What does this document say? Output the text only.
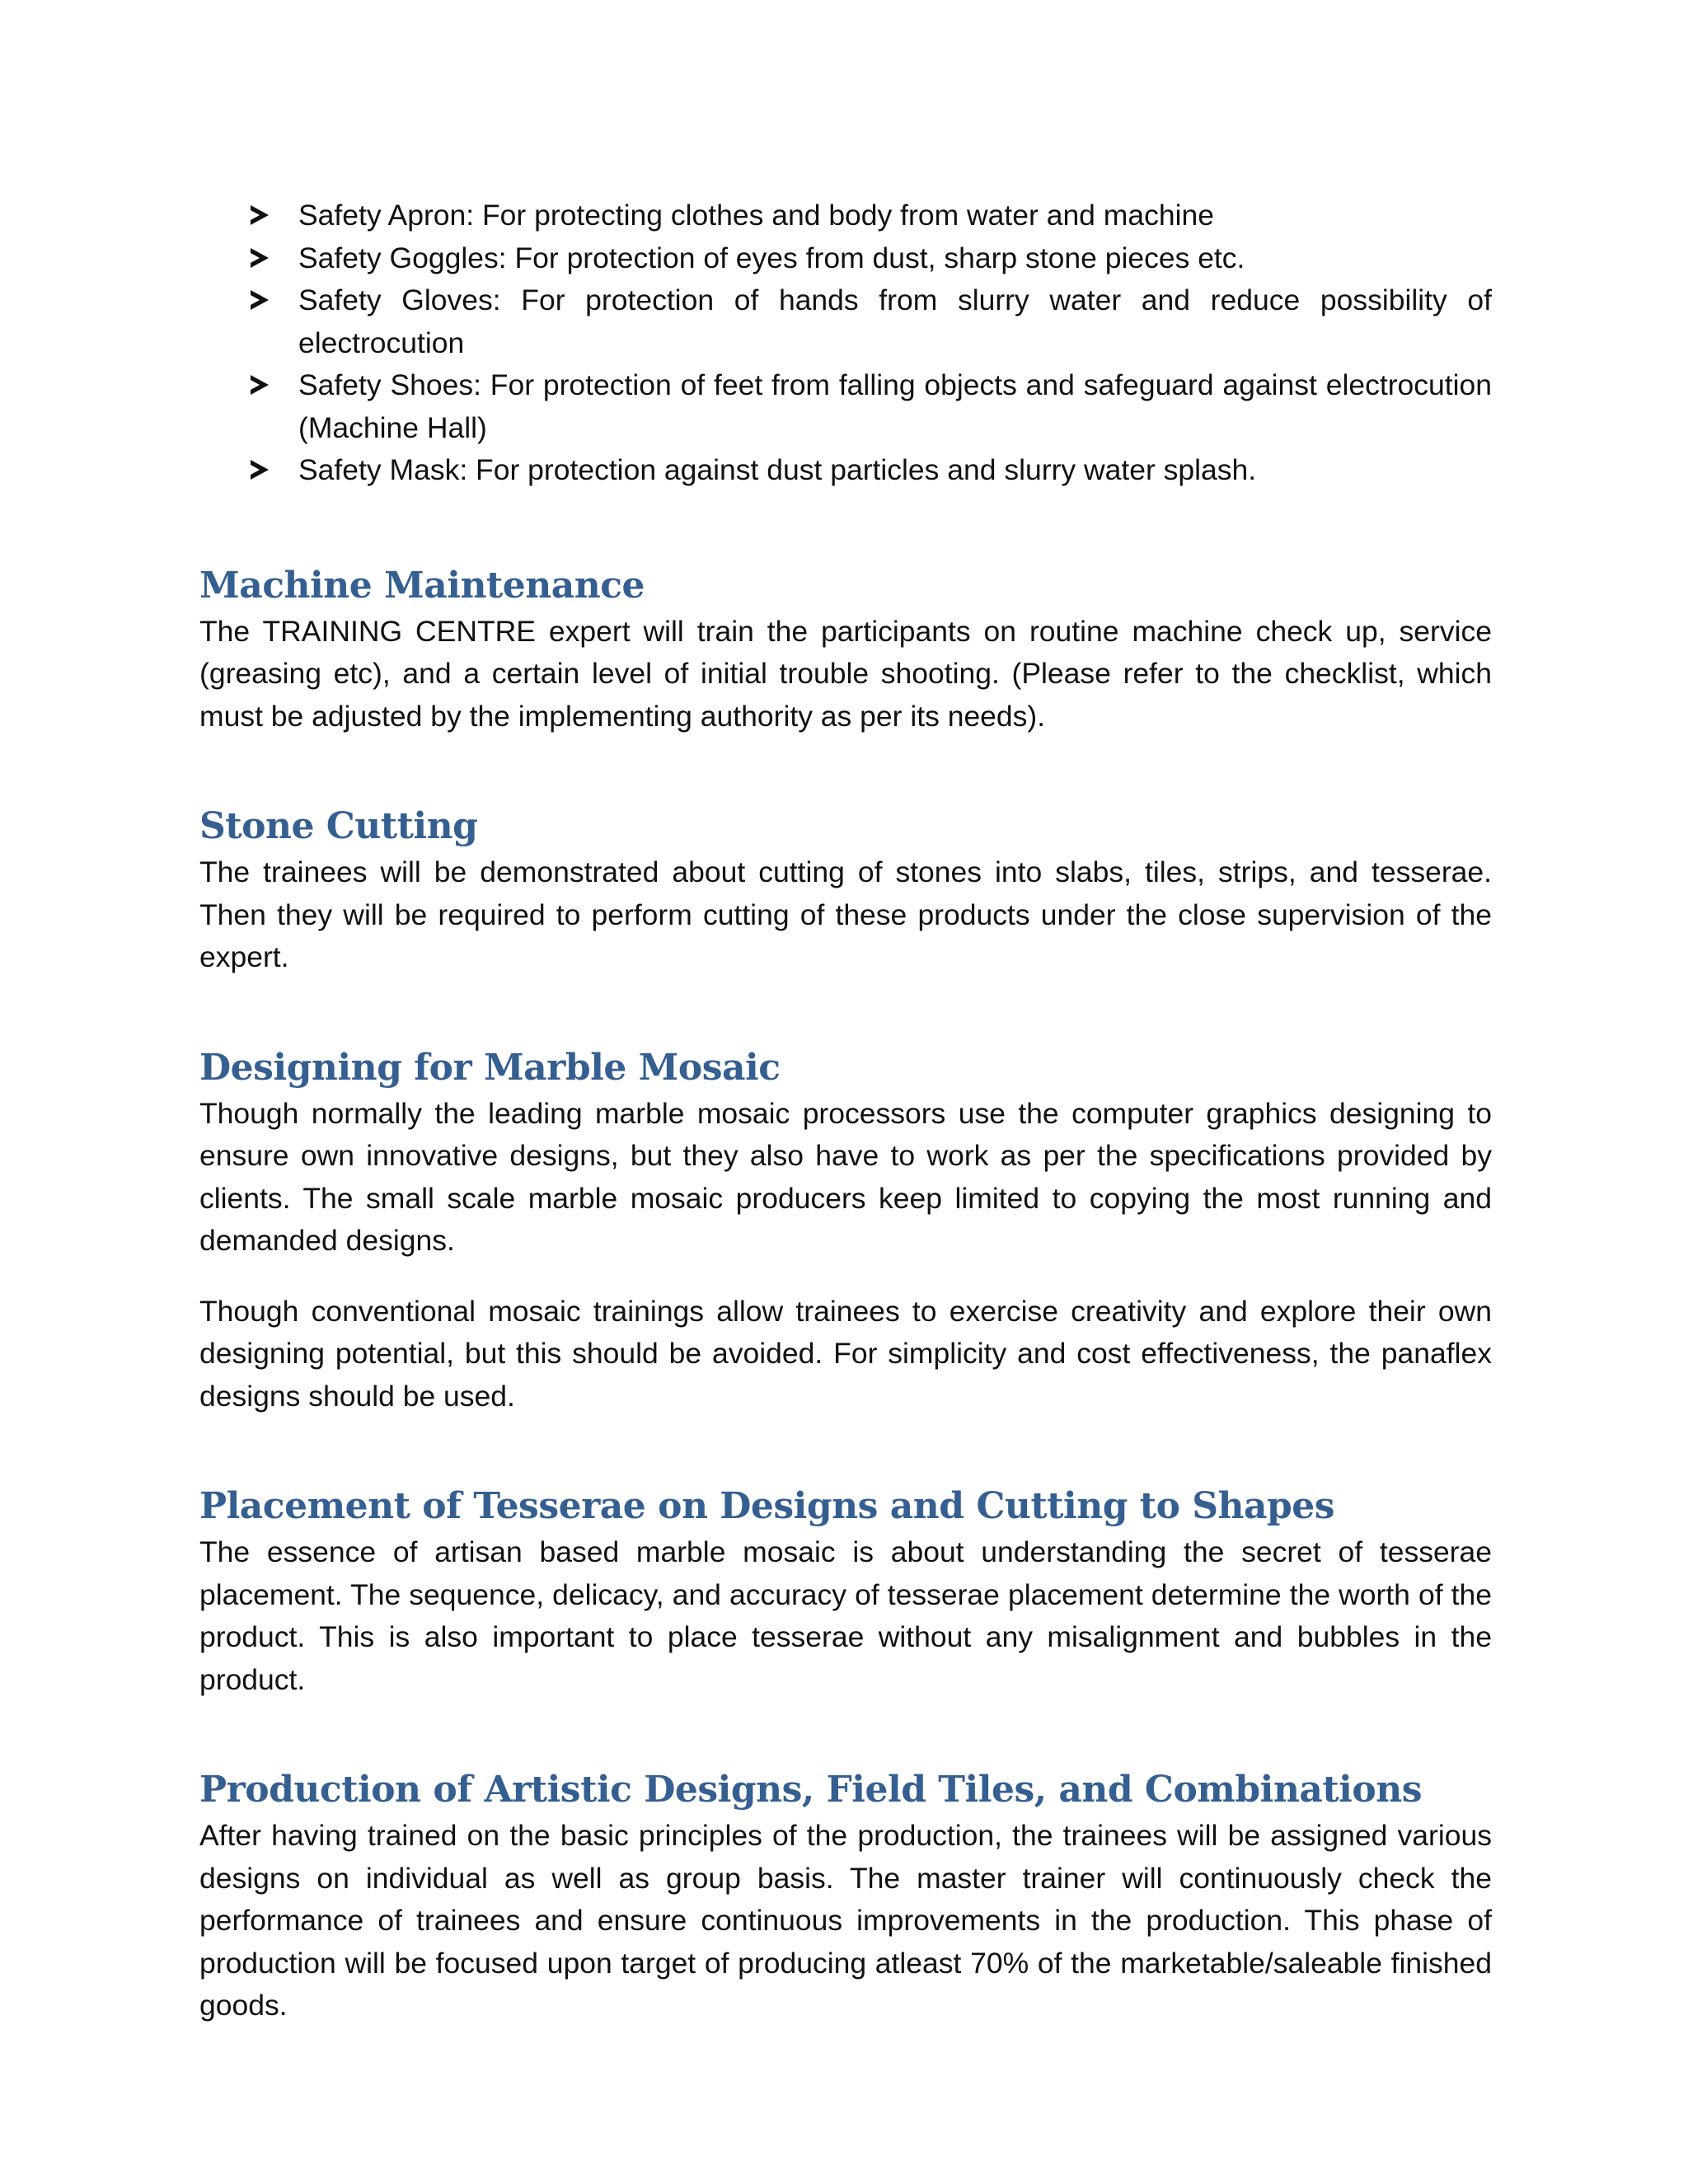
Safety Apron: For protecting clothes and body from water and machine
Safety Goggles: For protection of eyes from dust, sharp stone pieces etc.
Safety Gloves: For protection of hands from slurry water and reduce possibility of electrocution
Safety Shoes: For protection of feet from falling objects and safeguard against electrocution (Machine Hall)
Safety Mask: For protection against dust particles and slurry water splash.
Machine Maintenance

The TRAINING CENTRE expert will train the participants on routine machine check up, service (greasing etc), and a certain level of initial trouble shooting. (Please refer to the checklist, which must be adjusted by the implementing authority as per its needs).

Stone Cutting

The trainees will be demonstrated about cutting of stones into slabs, tiles, strips, and tesserae. Then they will be required to perform cutting of these products under the close supervision of the expert.

Designing for Marble Mosaic

Though normally the leading marble mosaic processors use the computer graphics designing to ensure own innovative designs, but they also have to work as per the specifications provided by clients. The small scale marble mosaic producers keep limited to copying the most running and demanded designs.

Though conventional mosaic trainings allow trainees to exercise creativity and explore their own designing potential, but this should be avoided. For simplicity and cost effectiveness, the panaflex designs should be used.

Placement of Tesserae on Designs and Cutting to Shapes

The essence of artisan based marble mosaic is about understanding the secret of tesserae placement. The sequence, delicacy, and accuracy of tesserae placement determine the worth of the product. This is also important to place tesserae without any misalignment and bubbles in the product.

Production of Artistic Designs, Field Tiles, and Combinations

After having trained on the basic principles of the production, the trainees will be assigned various designs on individual as well as group basis. The master trainer will continuously check the performance of trainees and ensure continuous improvements in the production. This phase of production will be focused upon target of producing atleast 70% of the marketable/saleable finished goods.
